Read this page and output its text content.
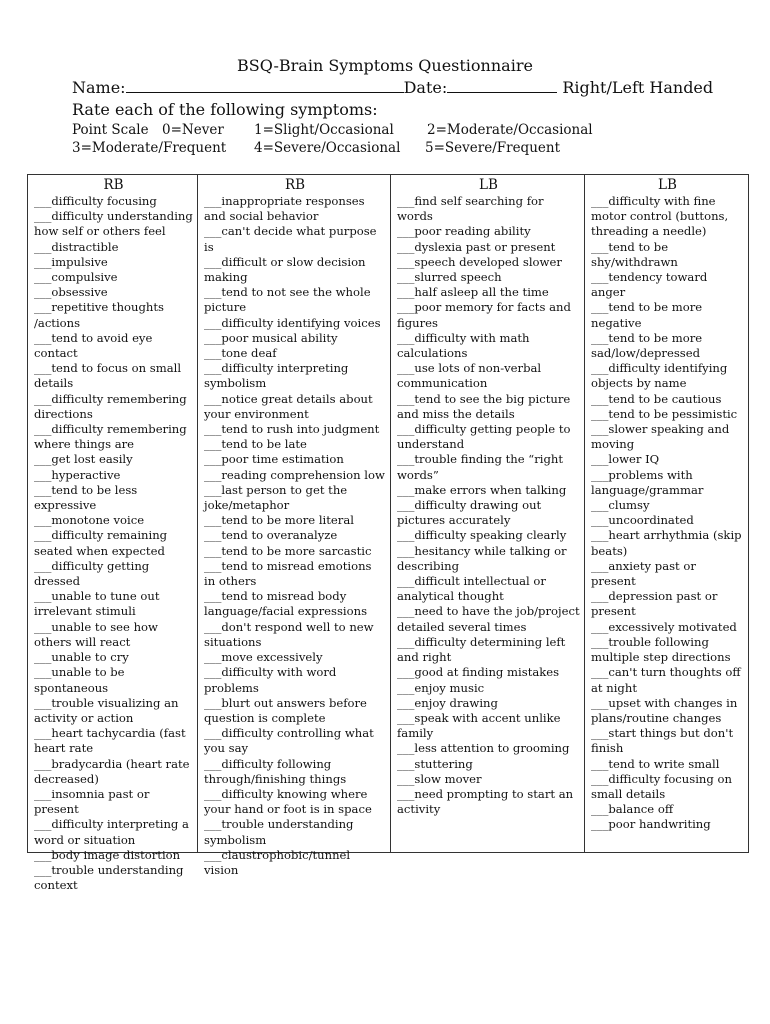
BSQ-Brain Symptoms Questionnaire
Name:	Date:	Right/Left Handed
Rate each of the following symptoms:
Point Scale 0=Never 1=Slight/Occasional 2=Moderate/Occasional
3=Moderate/Frequent 4=Severe/Occasional 5=Severe/Frequent
RB
___difficulty focusing
___difficulty understanding how self or others feel
___distractible
___impulsive
___compulsive
___obsessive
___repetitive thoughts /actions
___tend to avoid eye contact
___tend to focus on small details
___difficulty remembering directions
___difficulty remembering where things are
___get lost easily
___hyperactive
___tend to be less expressive
___monotone voice
___difficulty remaining seated when expected
___difficulty getting dressed
___unable to tune out irrelevant stimuli
___unable to see how others will react
___unable to cry
___unable to be spontaneous
___trouble visualizing an activity or action
___heart tachycardia (fast heart rate
___bradycardia (heart rate decreased)
___insomnia past or present
___difficulty interpreting a word or situation
___body image distortion
___trouble understanding context
RB
___inappropriate responses and social behavior
___can't decide what purpose is
___difficult or slow decision making
___tend to not see the whole picture
___difficulty identifying voices
___poor musical ability
___tone deaf
___difficulty interpreting symbolism
___notice great details about your environment
___tend to rush into judgment
___tend to be late
___poor time estimation
___reading comprehension low
___last person to get the joke/metaphor
___tend to be more literal
___tend to overanalyze
___tend to be more sarcastic
___tend to misread emotions in others
___tend to misread body language/facial expressions
___don't respond well to new situations
___move excessively
___difficulty with word problems
___blurt out answers before question is complete
___difficulty controlling what you say
___difficulty following through/finishing things
___difficulty knowing where your hand or foot is in space
___trouble understanding symbolism
___claustrophobic/tunnel vision
LB
___find self searching for words
___poor reading ability
___dyslexia past or present
___speech developed slower
___slurred speech
___half asleep all the time
___poor memory for facts and figures
___difficulty with math calculations
___use lots of non-verbal communication
___tend to see the big picture and miss the details
___difficulty getting people to understand
___trouble finding the “right words”
___make errors when talking
___difficulty drawing out pictures accurately
___difficulty speaking clearly
___hesitancy while talking or describing
___difficult intellectual or analytical thought
___need to have the job/project detailed several times
___difficulty determining left and right
___good at finding mistakes
___enjoy music
___enjoy drawing
___speak with accent unlike family
___less attention to grooming
___stuttering
___slow mover
___need prompting to start an activity
LB
___difficulty with fine motor control (buttons, threading a needle)
___tend to be shy/withdrawn
___tendency toward anger
___tend to be more negative
___tend to be more sad/low/depressed
___difficulty identifying objects by name
___tend to be cautious
___tend to be pessimistic
___slower speaking and moving
___lower IQ
___problems with language/grammar
___clumsy
___uncoordinated
___heart arrhythmia (skip beats)
___anxiety past or present
___depression past or present
___excessively motivated
___trouble following multiple step directions
___can't turn thoughts off at night
___upset with changes in plans/routine changes
___start things but don't finish
___tend to write small
___difficulty focusing on small details
___balance off
___poor handwriting
